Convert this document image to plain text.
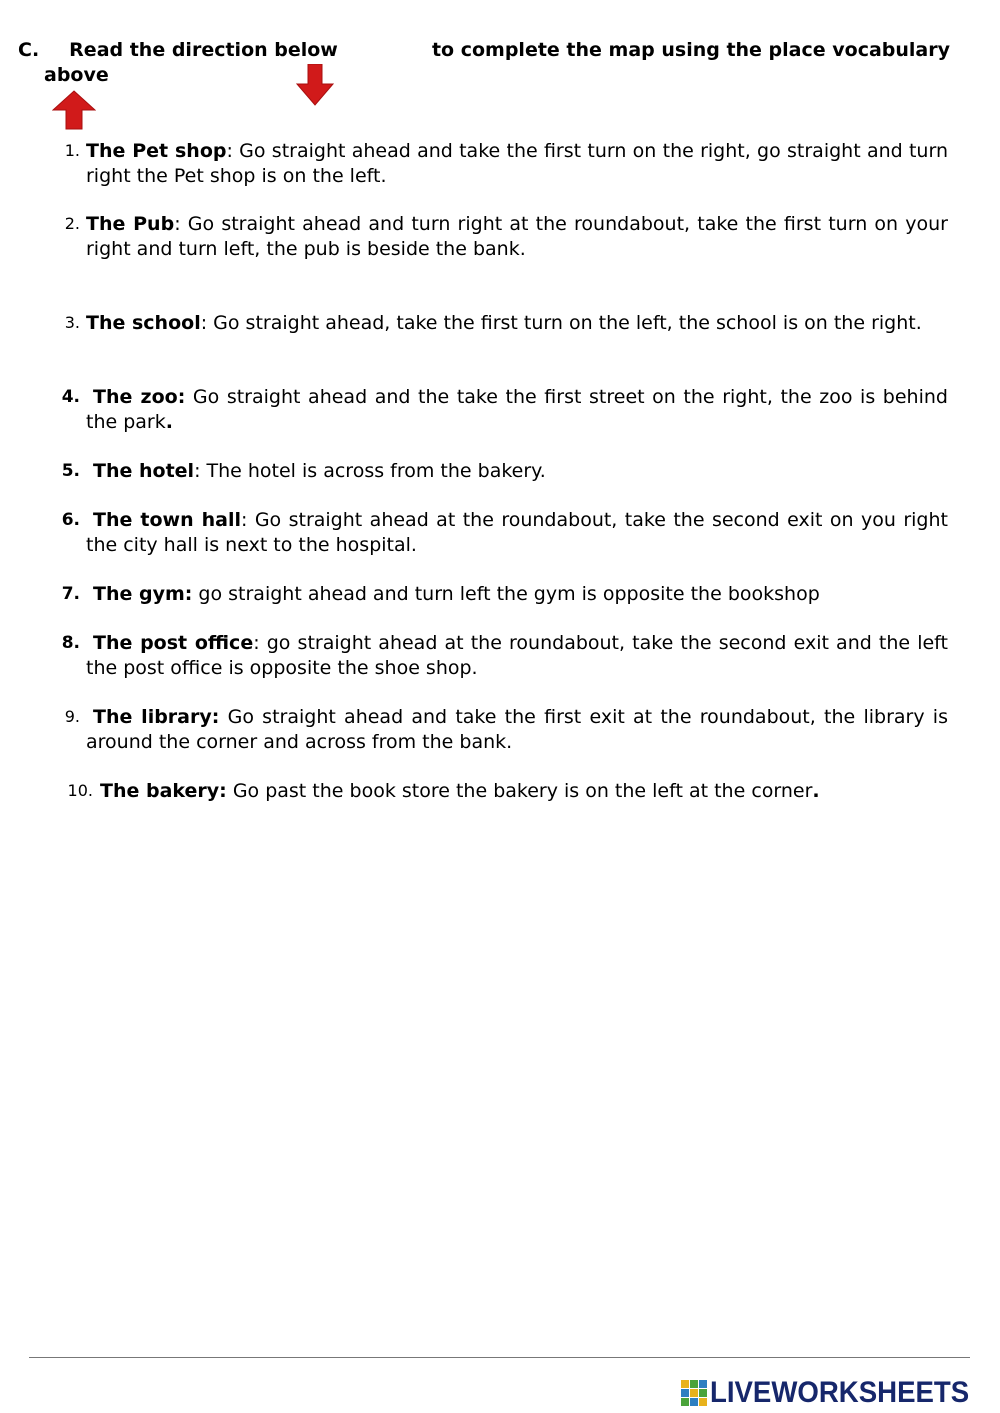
C. Read the direction below	to complete the map using the place vocabulary
above
1. The Pet shop: Go straight ahead and take the first turn on the right, go straight and turn right the Pet shop is on the left.
2. The Pub: Go straight ahead and turn right at the roundabout, take the first turn on your right and turn left, the pub is beside the bank.
3. The school: Go straight ahead, take the first turn on the left, the school is on the right.
4. The zoo: Go straight ahead and the take the first street on the right, the zoo is behind the park.
5. The hotel: The hotel is across from the bakery.
6. The town hall: Go straight ahead at the roundabout, take the second exit on you right the city hall is next to the hospital.
7. The gym: go straight ahead and turn left the gym is opposite the bookshop
8. The post office: go straight ahead at the roundabout, take the second exit and the left the post office is opposite the shoe shop.
9. The library: Go straight ahead and take the first exit at the roundabout, the library is around the corner and across from the bank.
10. The bakery: Go past the book store the bakery is on the left at the corner.
LIVEWORKSHEETS
